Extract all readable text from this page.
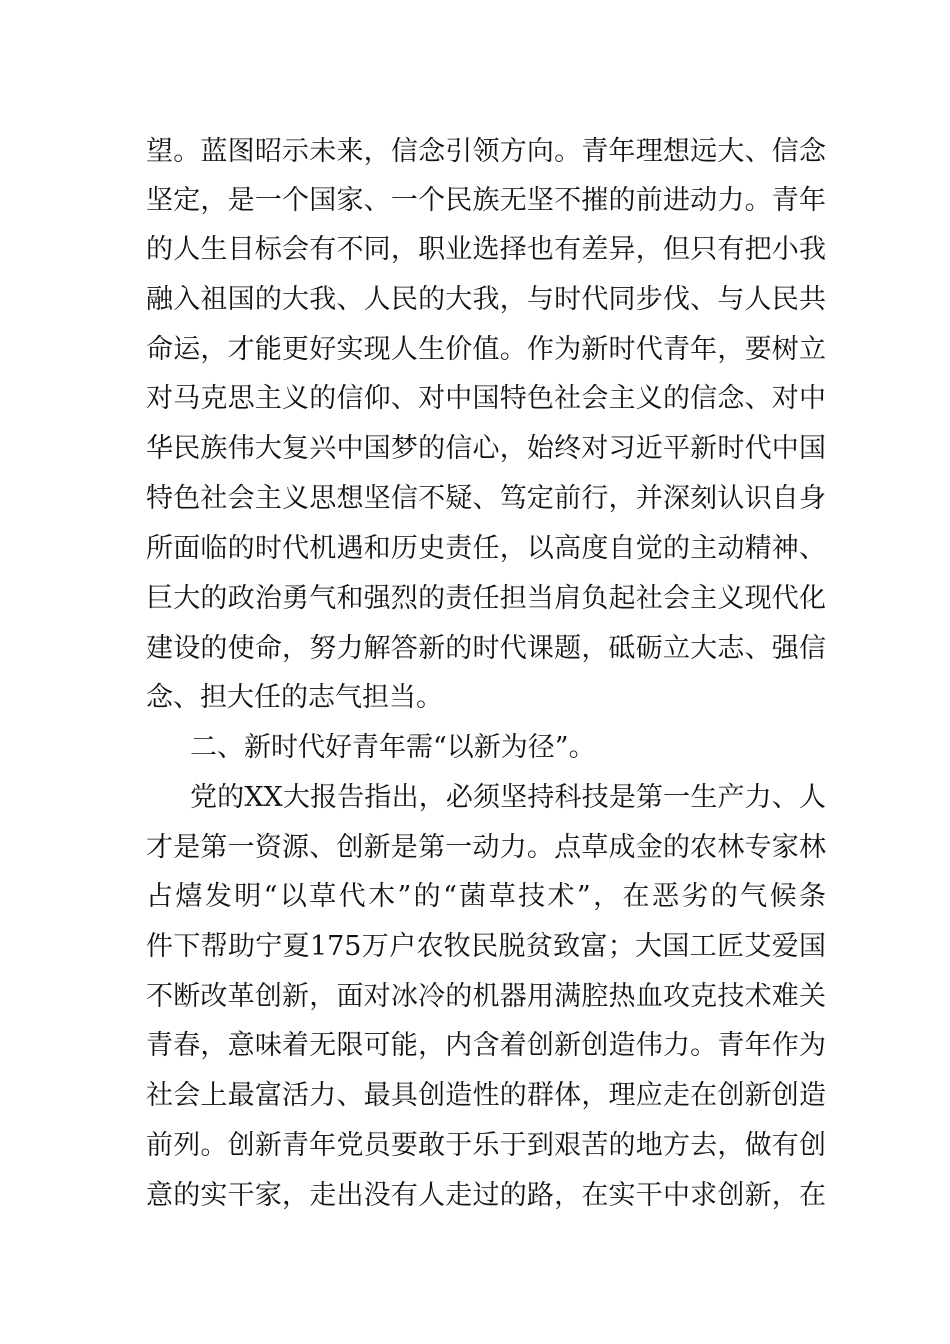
望。蓝图昭示未来，信念引领方向。青年理想远大、信念
坚定，是一个国家、一个民族无坚不摧的前进动力。青年
的人生目标会有不同，职业选择也有差异，但只有把小我
融入祖国的大我、人民的大我，与时代同步伐、与人民共
命运，才能更好实现人生价值。作为新时代青年，要树立
对马克思主义的信仰、对中国特色社会主义的信念、对中
华民族伟大复兴中国梦的信心，始终对习近平新时代中国
特色社会主义思想坚信不疑、笃定前行，并深刻认识自身
所面临的时代机遇和历史责任，以高度自觉的主动精神、
巨大的政治勇气和强烈的责任担当肩负起社会主义现代化
建设的使命，努力解答新的时代课题，砥砺立大志、强信
念、担大任的志气担当。
二、新时代好青年需“以新为径”。
党的XX大报告指出，必须坚持科技是第一生产力、人
才是第一资源、创新是第一动力。点草成金的农林专家林
占熺发明“以草代木”的“菌草技术”，在恶劣的气候条
件下帮助宁夏175万户农牧民脱贫致富；大国工匠艾爱国
不断改革创新，面对冰冷的机器用满腔热血攻克技术难关
青春，意味着无限可能，内含着创新创造伟力。青年作为
社会上最富活力、最具创造性的群体，理应走在创新创造
前列。创新青年党员要敢于乐于到艰苦的地方去，做有创
意的实干家，走出没有人走过的路，在实干中求创新，在
